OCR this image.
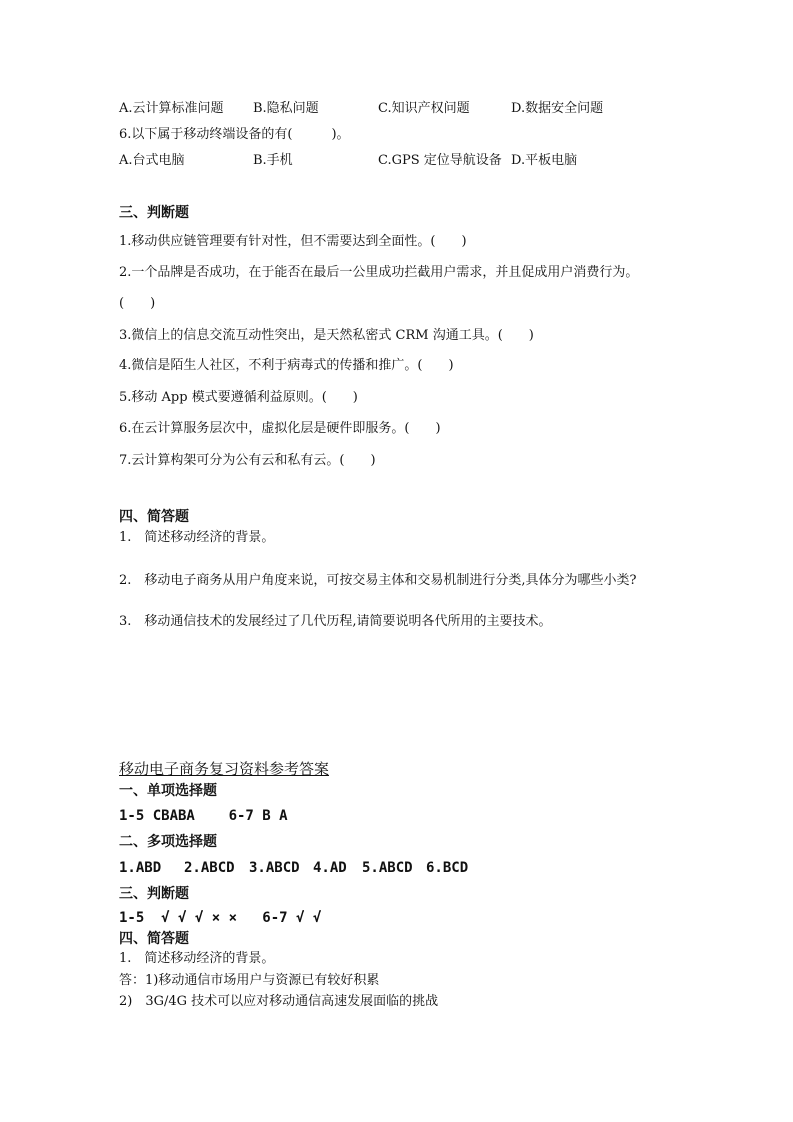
A.云计算标准问题 B.隐私问题	C.知识产权问题	D.数据安全问题
6.以下属于移动终端设备的有(　　　)。
A.台式电脑	B.手机	C.GPS 定位导航设备 D.平板电脑
三、判断题
1.移动供应链管理要有针对性，但不需要达到全面性。(　　)
2.一个品牌是否成功，在于能否在最后一公里成功拦截用户需求，并且促成用户消费行为。
(　　)
3.微信上的信息交流互动性突出，是天然私密式 CRM 沟通工具。(　　)
4.微信是陌生人社区，不利于病毒式的传播和推广。(　　)
5.移动 App 模式要遵循利益原则。(　　)
6.在云计算服务层次中，虚拟化层是硬件即服务。(　　)
7.云计算构架可分为公有云和私有云。(　　)
四、简答题
1.　简述移动经济的背景。
2.　移动电子商务从用户角度来说，可按交易主体和交易机制进行分类,具体分为哪些小类?
3.　移动通信技术的发展经过了几代历程,请简要说明各代所用的主要技术。
移动电子商务复习资料参考答案
一、单项选择题
1-5 CBABA    6-7 B A
二、多项选择题
1.ABD 2.ABCD 3.ABCD 4.AD 5.ABCD 6.BCD
三、判断题
1-5  √ √ √ × ×   6-7 √ √
四、简答题
1.　简述移动经济的背景。
答：1)移动通信市场用户与资源已有较好积累
2)　3G/4G 技术可以应对移动通信高速发展面临的挑战
